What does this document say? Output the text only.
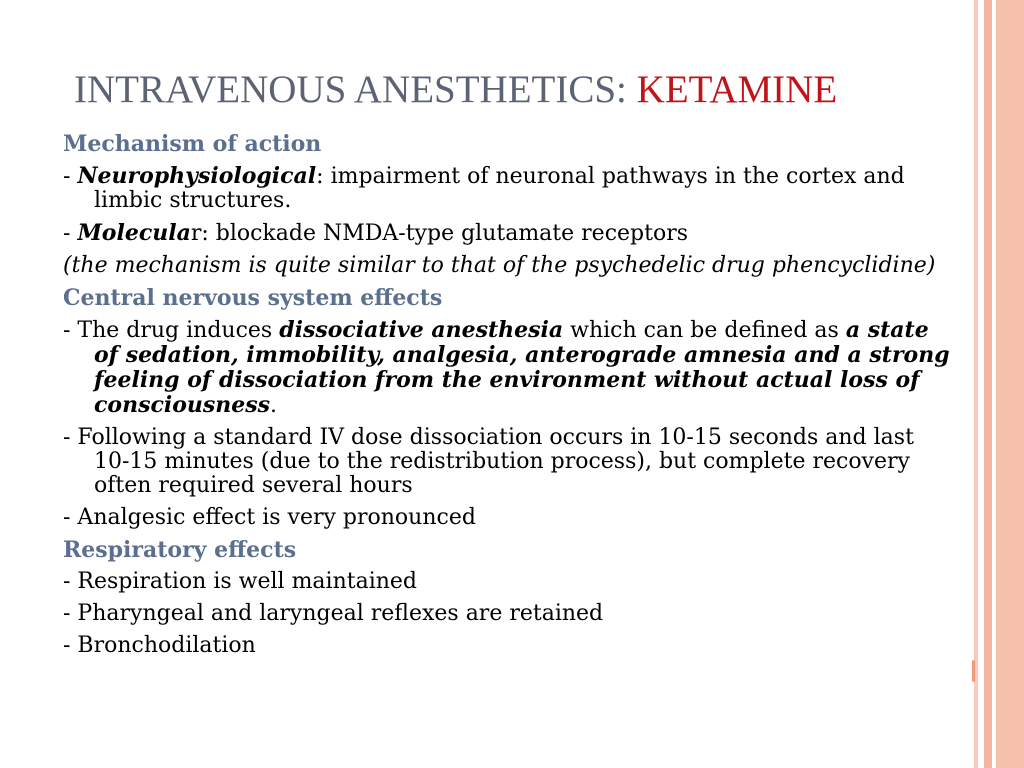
INTRAVENOUS ANESTHETICS: KETAMINE
Mechanism of action

- Neurophysiological: impairment of neuronal pathways in the cortex and limbic structures.

- Molecular: blockade NMDA-type glutamate receptors

(the mechanism is quite similar to that of the psychedelic drug phencyclidine)

Central nervous system effects

- The drug induces dissociative anesthesia which can be defined as a state of sedation, immobility, analgesia, anterograde amnesia and a strong feeling of dissociation from the environment without actual loss of consciousness.

- Following a standard IV dose dissociation occurs in 10-15 seconds and last 10-15 minutes (due to the redistribution process), but complete recovery often required several hours

- Analgesic effect is very pronounced

Respiratory effects

- Respiration is well maintained

- Pharyngeal and laryngeal reflexes are retained

- Bronchodilation
